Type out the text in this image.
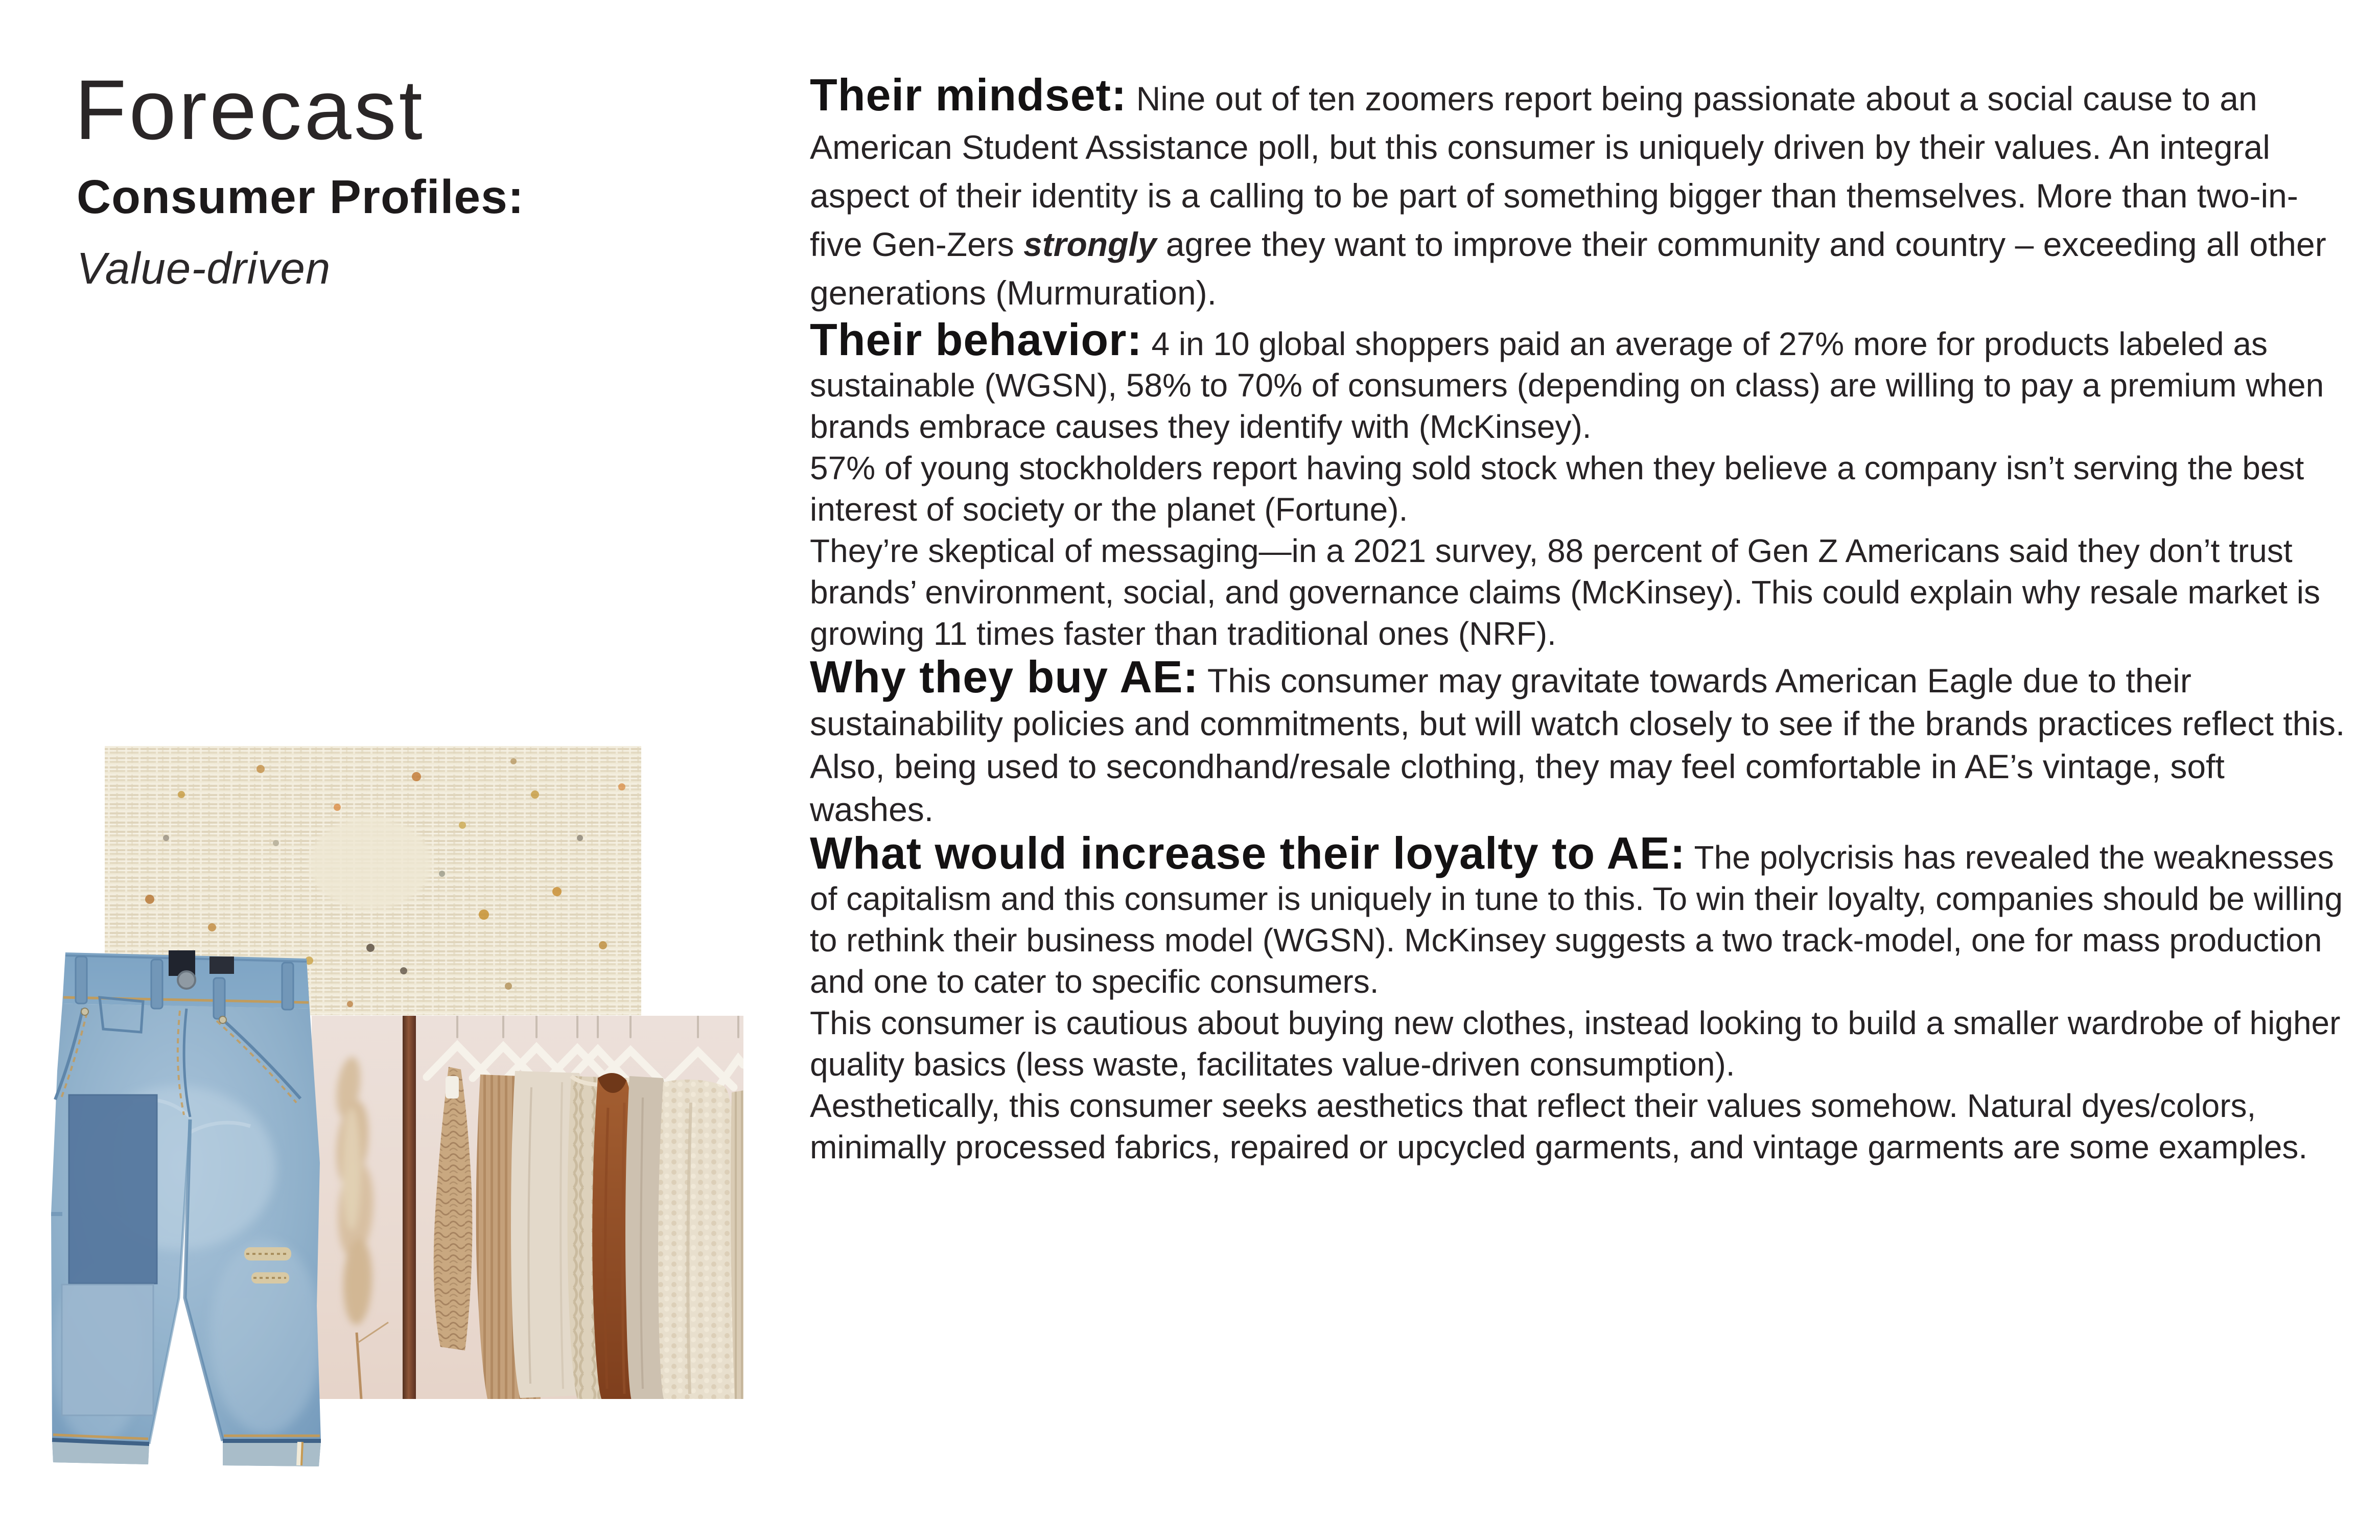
Forecast
Consumer Profiles:
Value-driven

Their mindset: Nine out of ten zoomers report being passionate about a social cause to an American Student Assistance poll, but this consumer is uniquely driven by their values. An integral aspect of their identity is a calling to be part of something bigger than themselves. More than two-in-five Gen-Zers strongly agree they want to improve their community and country – exceeding all other generations (Murmuration).

Their behavior: 4 in 10 global shoppers paid an average of 27% more for products labeled as sustainable (WGSN), 58% to 70% of consumers (depending on class) are willing to pay a premium when brands embrace causes they identify with (McKinsey).

57% of young stockholders report having sold stock when they believe a company isn’t serving the best interest of society or the planet (Fortune).

They’re skeptical of messaging—in a 2021 survey, 88 percent of Gen Z Americans said they don’t trust brands’ environment, social, and governance claims (McKinsey). This could explain why resale market is growing 11 times faster than traditional ones (NRF).

Why they buy AE: This consumer may gravitate towards American Eagle due to their sustainability policies and commitments, but will watch closely to see if the brands practices reflect this. Also, being used to secondhand/resale clothing, they may feel comfortable in AE’s vintage, soft washes.

What would increase their loyalty to AE: The polycrisis has revealed the weaknesses of capitalism and this consumer is uniquely in tune to this. To win their loyalty, companies should be willing to rethink their business model (WGSN). McKinsey suggests a two track-model, one for mass production and one to cater to specific consumers.

This consumer is cautious about buying new clothes, instead looking to build a smaller wardrobe of higher quality basics (less waste, facilitates value-driven consumption).

Aesthetically, this consumer seeks aesthetics that reflect their values somehow. Natural dyes/colors, minimally processed fabrics, repaired or upcycled garments, and vintage garments are some examples.
